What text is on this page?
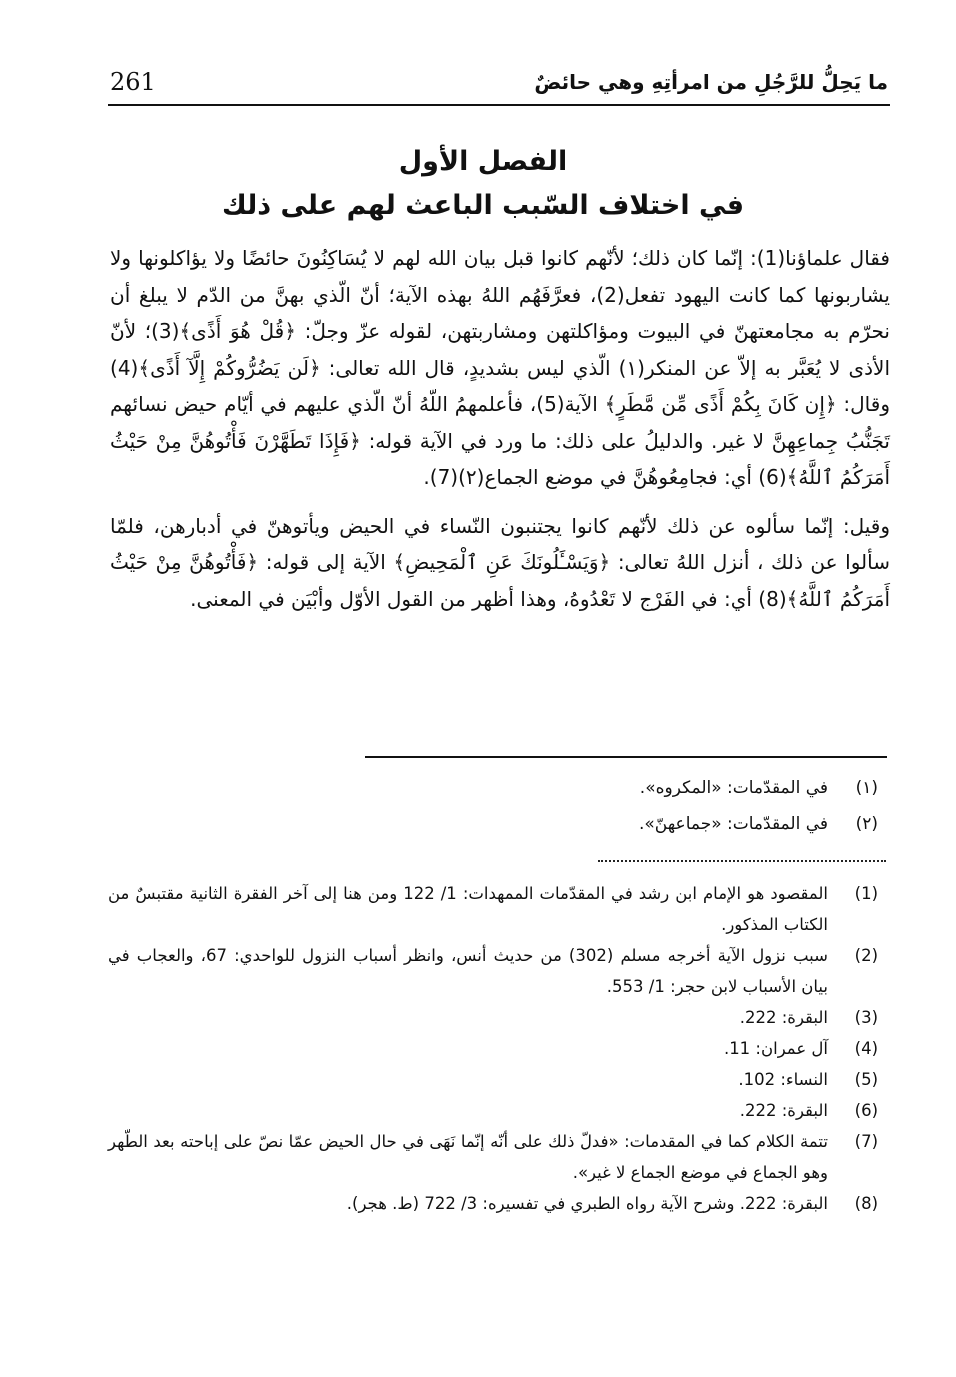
261	ما يَحِلُّ للرَّجُلِ من امرأتِهِ وهي حائضٌ
الفصل الأول
في اختلاف السّبب الباعث لهم على ذلك

فقال علماؤنا(1): إنّما كان ذلك؛ لأنّهم كانوا قبل بيان الله لهم لا يُسَاكِنُونَ حائضًا ولا يؤاكلونها ولا يشاربونها كما كانت اليهود تفعل(2)، فعرَّفَهُم اللهُ بهذه الآية؛ أنّ الّذي بهنَّ من الدّم لا يبلغ أن نحرّم به مجامعتهنّ في البيوت ومؤاكلتهن ومشاربتهن، لقوله عزّ وجلّ: ﴿قُلْ هُوَ أَذًى﴾(3)؛ لأنّ الأذى لا يُعَبَّر به إلاّ عن المنكر(١) الّذي ليس بشديدٍ، قال الله تعالى: ﴿لَن يَضُرُّوكُمْ إِلَّآ أَذًى﴾(4) وقال: ﴿إِن كَانَ بِكُمْ أَذًى مِّن مَّطَرٍ﴾ الآية(5)، فأعلمهمُ اللّهُ أنّ الّذي عليهم في أيّام حيض نسائهم تَجَنُّبُ جِماعِهِنَّ لا غير. والدليلُ على ذلك: ما ورد في الآية قوله: ﴿فَإِذَا تَطَهَّرْنَ فَأْتُوهُنَّ مِنْ حَيْثُ أَمَرَكُمُ ٱللَّهُ﴾(6) أي: فجامِعُوهُنَّ في موضع الجماع(٢)(7).

وقيل: إنّما سألوه عن ذلك لأنّهم كانوا يجتنبون النّساء في الحيض ويأتوهنّ في أدبارهن، فلمّا سألوا عن ذلك ، أنزل اللهُ تعالى: ﴿وَيَسْـَٔلُونَكَ عَنِ ٱلْمَحِيضِ﴾ الآية إلى قوله: ﴿فَأْتُوهُنَّ مِنْ حَيْثُ أَمَرَكُمُ ٱللَّهُ﴾(8) أي: في الفَرْج لا تَعْدُوهُ، وهذا أظهر من القول الأوّل وأبْيَن في المعنى.

(١)
في المقدّمات: «المكروه».
(٢)
في المقدّمات: «جماعهنّ».
(1)
المقصود هو الإمام ابن رشد في المقدّمات الممهدات: 1/ 122 ومن هنا إلى آخر الفقرة الثانية مقتبسٌ من الكتاب المذكور.
(2)
سبب نزول الآية أخرجه مسلم (302) من حديث أنس، وانظر أسباب النزول للواحدي: 67، والعجاب في بيان الأسباب لابن حجر: 1/ 553.
(3)
البقرة: 222.
(4)
آل عمران: 11.
(5)
النساء: 102.
(6)
البقرة: 222.
(7)
تتمة الكلام كما في المقدمات: «فدلّ ذلك على أنّه إنّما نَهَى في حال الحيض عمّا نصّ على إباحته بعد الطّهر وهو الجماع في موضع الجماع لا غير».
(8)
البقرة: 222. وشرح الآية رواه الطبري في تفسيره: 3/ 722 (ط. هجر).
